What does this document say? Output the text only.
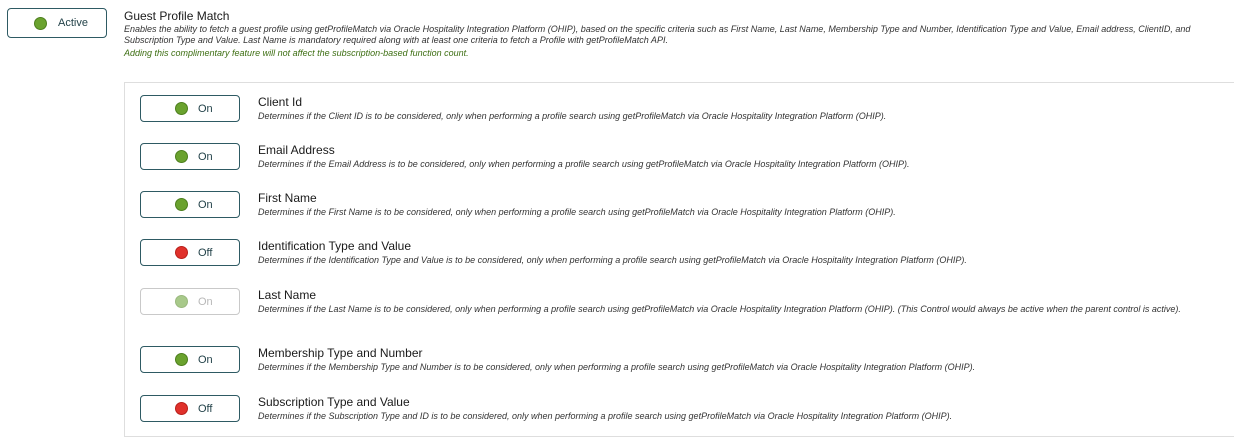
Active	Guest Profile Match
Enables the ability to fetch a guest profile using getProfileMatch via Oracle Hospitality Integration Platform (OHIP), based on the specific criteria such as First Name, Last Name, Membership Type and Number, Identification Type and Value, Email address, ClientID, and Subscription Type and Value. Last Name is mandatory required along with at least one criteria to fetch a Profile with getProfileMatch API.
Adding this complimentary feature will not affect the subscription-based function count.
On	Client Id
Determines if the Client ID is to be considered, only when performing a profile search using getProfileMatch via Oracle Hospitality Integration Platform (OHIP).
On	Email Address
Determines if the Email Address is to be considered, only when performing a profile search using getProfileMatch via Oracle Hospitality Integration Platform (OHIP).
On	First Name
Determines if the First Name is to be considered, only when performing a profile search using getProfileMatch via Oracle Hospitality Integration Platform (OHIP).
Off	Identification Type and Value
Determines if the Identification Type and Value is to be considered, only when performing a profile search using getProfileMatch via Oracle Hospitality Integration Platform (OHIP).
On	Last Name
Determines if the Last Name is to be considered, only when performing a profile search using getProfileMatch via Oracle Hospitality Integration Platform (OHIP). (This Control would always be active when the parent control is active).
On	Membership Type and Number
Determines if the Membership Type and Number is to be considered, only when performing a profile search using getProfileMatch via Oracle Hospitality Integration Platform (OHIP).
Off	Subscription Type and Value
Determines if the Subscription Type and ID is to be considered, only when performing a profile search using getProfileMatch via Oracle Hospitality Integration Platform (OHIP).
